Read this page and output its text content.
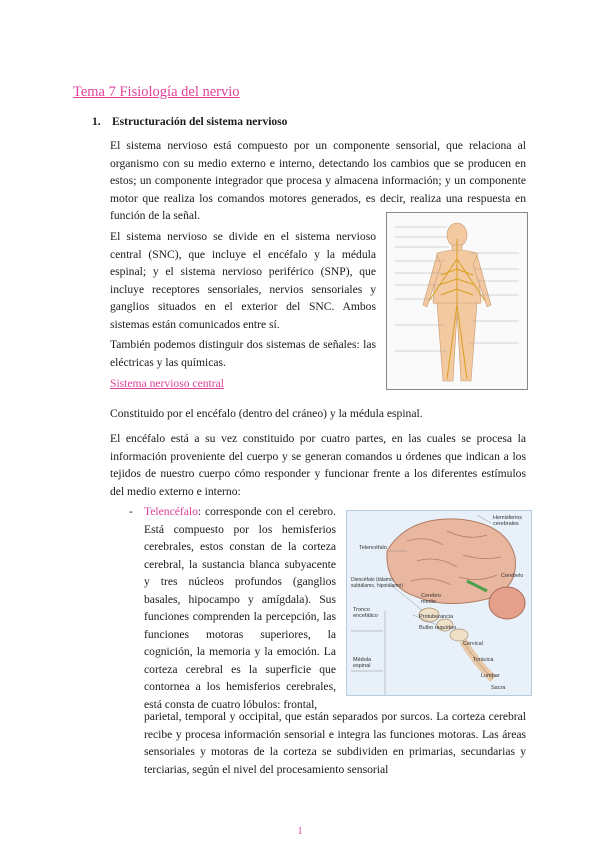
Tema 7 Fisiología del nervio
1. Estructuración del sistema nervioso

El sistema nervioso está compuesto por un componente sensorial, que relaciona al organismo con su medio externo e interno, detectando los cambios que se producen en estos; un componente integrador que procesa y almacena información; y un componente motor que realiza los comandos motores generados, es decir, realiza una respuesta en función de la señal.

El sistema nervioso se divide en el sistema nervioso central (SNC), que incluye el encéfalo y la médula espinal; y el sistema nervioso periférico (SNP), que incluye receptores sensoriales, nervios sensoriales y ganglios situados en el exterior del SNC. Ambos sistemas están comunicados entre sí.

También podemos distinguir dos sistemas de señales: las eléctricas y las químicas.

Sistema nervioso central

Constituido por el encéfalo (dentro del cráneo) y la médula espinal.

El encéfalo está a su vez constituido por cuatro partes, en las cuales se procesa la información proveniente del cuerpo y se generan comandos u órdenes que indican a los tejidos de nuestro cuerpo cómo responder y funcionar frente a los diferentes estímulos del medio externo e interno:

- Telencéfalo: corresponde con el cerebro. Está compuesto por los hemisferios cerebrales, estos constan de la corteza cerebral, la sustancia blanca subyacente y tres núcleos profundos (ganglios basales, hipocampo y amígdala). Sus funciones comprenden la percepción, las funciones motoras superiores, la cognición, la memoria y la emoción. La corteza cerebral es la superficie que contornea a los hemisferios cerebrales, está consta de cuatro lóbulos: frontal,

parietal, temporal y occipital, que están separados por surcos. La corteza cerebral recibe y procesa información sensorial e integra las funciones motoras. Las áreas sensoriales y motoras de la corteza se subdividen en primarias, secundarias y terciarias, según el nivel del procesamiento sensorial

Hemisferios cerebrales
Telencéfalo
Diencéfalo (tálamo, subtálamo, hipotálamo)
Cerebelo
Cerebro medio
Protuberancia
Bulbo raquídeo
Tronco encefálico
Médula espinal
Cervical
Torácica
Lumbar
Sacra
1
